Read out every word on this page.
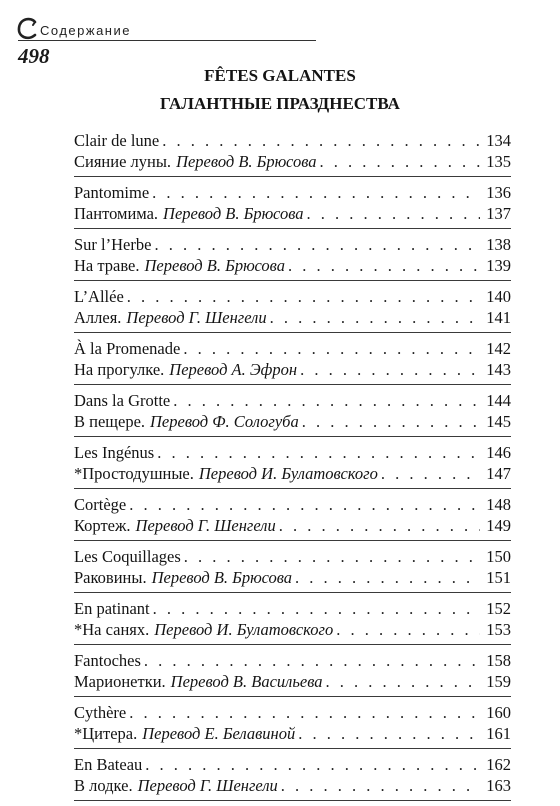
Содержание
498
FÊTES GALANTES
ГАЛАНТНЫЕ ПРАЗДНЕСТВА
Clair de lune . . .	134
Сияние луны. Перевод В. Брюсова . . .	135
Pantomime . . .	136
Пантомима. Перевод В. Брюсова . . .	137
Sur l’Herbe . . .	138
На траве. Перевод В. Брюсова . . .	139
L’Allée . . .	140
Аллея. Перевод Г. Шенгели . . .	141
À la Promenade . . .	142
На прогулке. Перевод А. Эфрон . . .	143
Dans la Grotte . . .	144
В пещере. Перевод Ф. Сологуба . . .	145
Les Ingénus . . .	146
*Простодушные. Перевод И. Булатовского . . .	147
Cortège . . .	148
Кортеж. Перевод Г. Шенгели . . .	149
Les Coquillages . . .	150
Раковины. Перевод В. Брюсова . . .	151
En patinant . . .	152
*На санях. Перевод И. Булатовского . . .	153
Fantoches . . .	158
Марионетки. Перевод В. Васильева . . .	159
Cythère . . .	160
*Цитера. Перевод Е. Белавиной . . .	161
En Bateau . . .	162
В лодке. Перевод Г. Шенгели . . .	163
